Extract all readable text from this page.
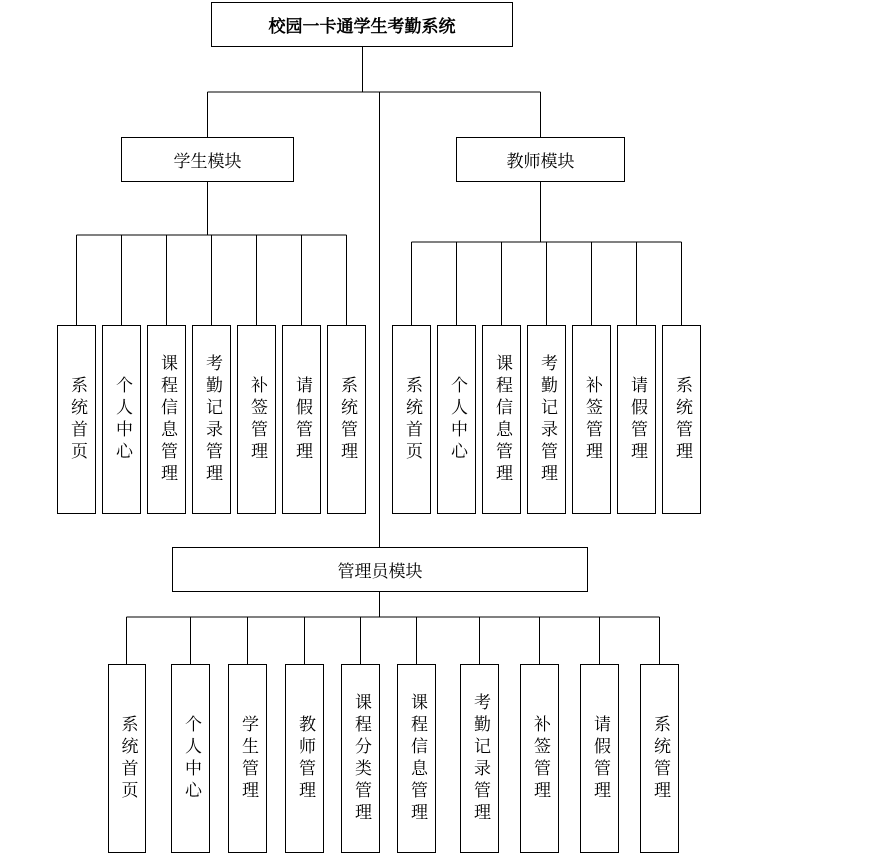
校园一卡通学生考勤系统
学生模块	教师模块
管理员模块
系统首页	个人中心	课程信息管理	考勤记录管理	补签管理	请假管理	系统管理	系统首页	个人中心	课程信息管理	考勤记录管理	补签管理	请假管理	系统管理
系统首页	个人中心	学生管理	教师管理	课程分类管理	课程信息管理	考勤记录管理	补签管理	请假管理	系统管理
